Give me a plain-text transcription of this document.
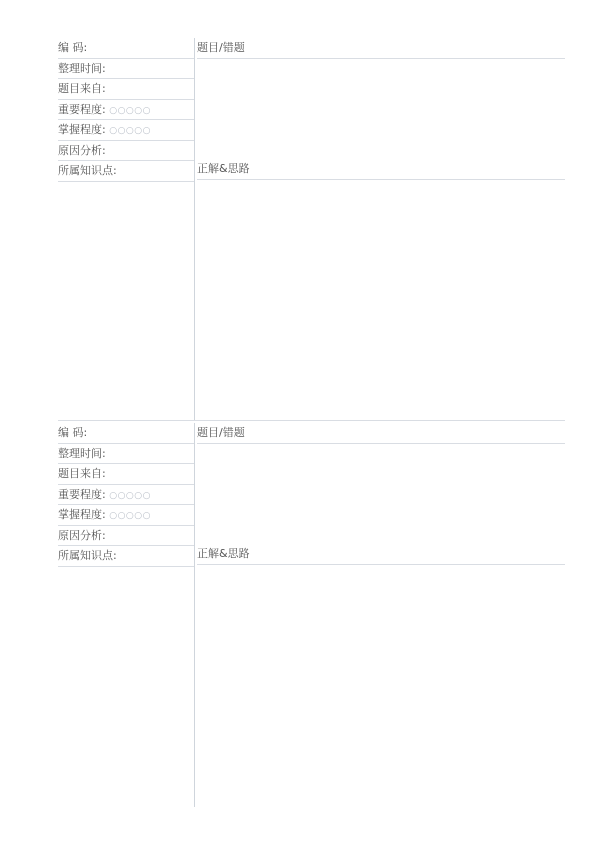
编 码:
整理时间:
题目来自:
重要程度: ○○○○○
掌握程度: ○○○○○
原因分析:
所属知识点:
题目/错题
正解&思路
编 码:
整理时间:
题目来自:
重要程度: ○○○○○
掌握程度: ○○○○○
原因分析:
所属知识点:
题目/错题
正解&思路
